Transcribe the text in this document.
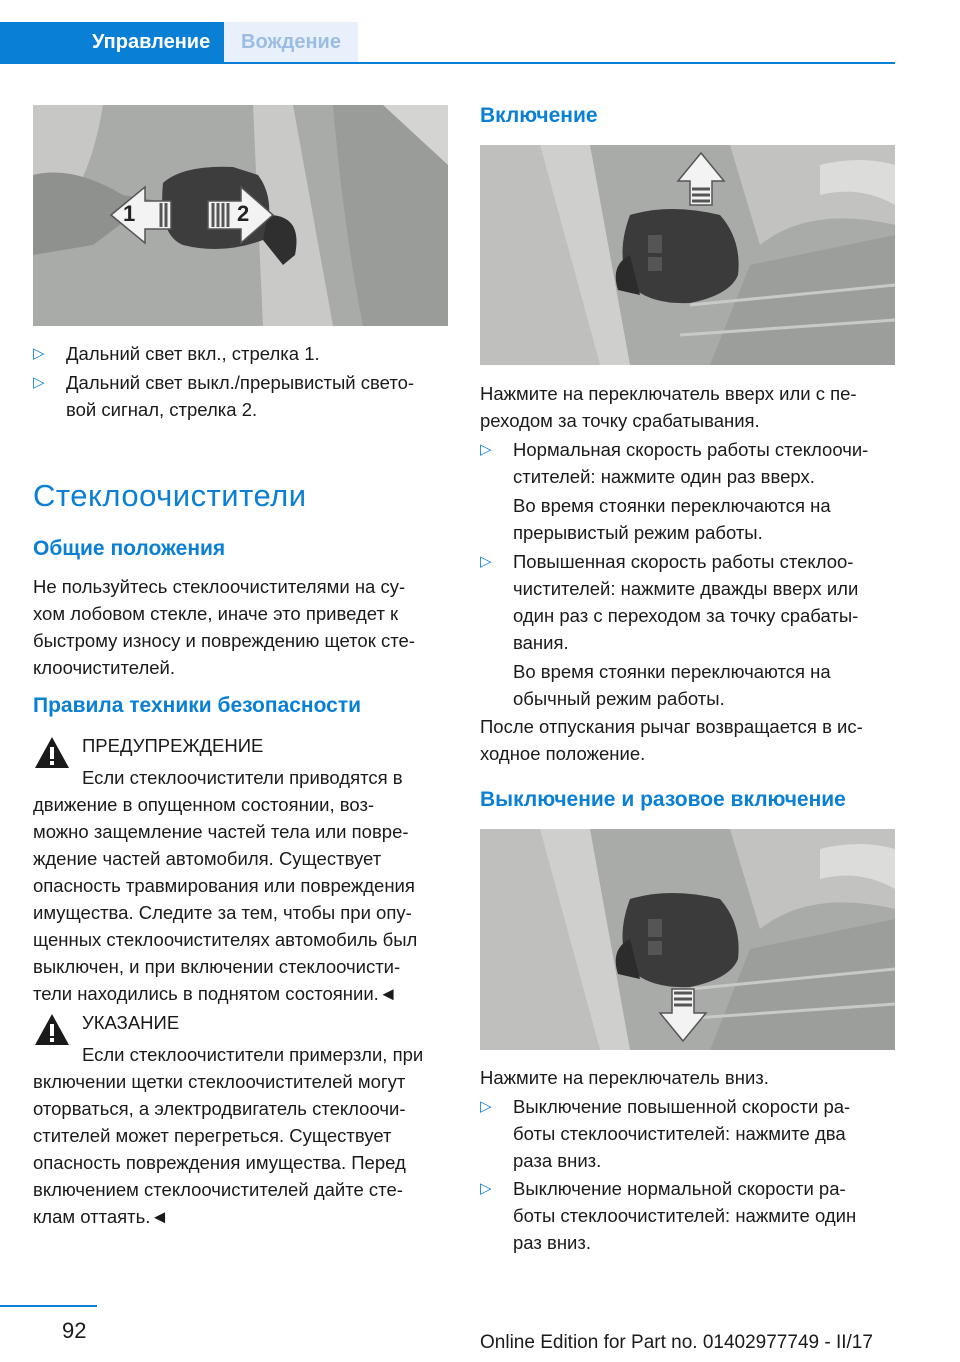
Управление	Вождение
1	2
▷ Дальний свет вкл., стрелка 1.
▷ Дальний свет выкл./прерывистый свето-
вой сигнал, стрелка 2.
Стеклоочистители
Общие положения
Не пользуйтесь стеклоочистителями на су-
хом лобовом стекле, иначе это приведет к
быстрому износу и повреждению щеток сте-
клоочистителей.
Правила техники безопасности
ПРЕДУПРЕЖДЕНИЕ
Если стеклоочистители приводятся в
движение в опущенном состоянии, воз-
можно защемление частей тела или повре-
ждение частей автомобиля. Существует
опасность травмирования или повреждения
имущества. Следите за тем, чтобы при опу-
щенных стеклоочистителях автомобиль был
выключен, и при включении стеклоочисти-
тели находились в поднятом состоянии.◄
УКАЗАНИЕ
Если стеклоочистители примерзли, при
включении щетки стеклоочистителей могут
оторваться, а электродвигатель стеклоочи-
стителей может перегреться. Существует
опасность повреждения имущества. Перед
включением стеклоочистителей дайте сте-
клам оттаять.◄
Включение
Нажмите на переключатель вверх или с пе-
реходом за точку срабатывания.
▷ Нормальная скорость работы стеклоочи-
стителей: нажмите один раз вверх.
Во время стоянки переключаются на
прерывистый режим работы.
▷ Повышенная скорость работы стеклоо-
чистителей: нажмите дважды вверх или
один раз с переходом за точку срабаты-
вания.
Во время стоянки переключаются на
обычный режим работы.
После отпускания рычаг возвращается в ис-
ходное положение.
Выключение и разовое включение
Нажмите на переключатель вниз.
▷ Выключение повышенной скорости ра-
боты стеклоочистителей: нажмите два
раза вниз.
▷ Выключение нормальной скорости ра-
боты стеклоочистителей: нажмите один
раз вниз.
92	Online Edition for Part no. 01402977749 - II/17
